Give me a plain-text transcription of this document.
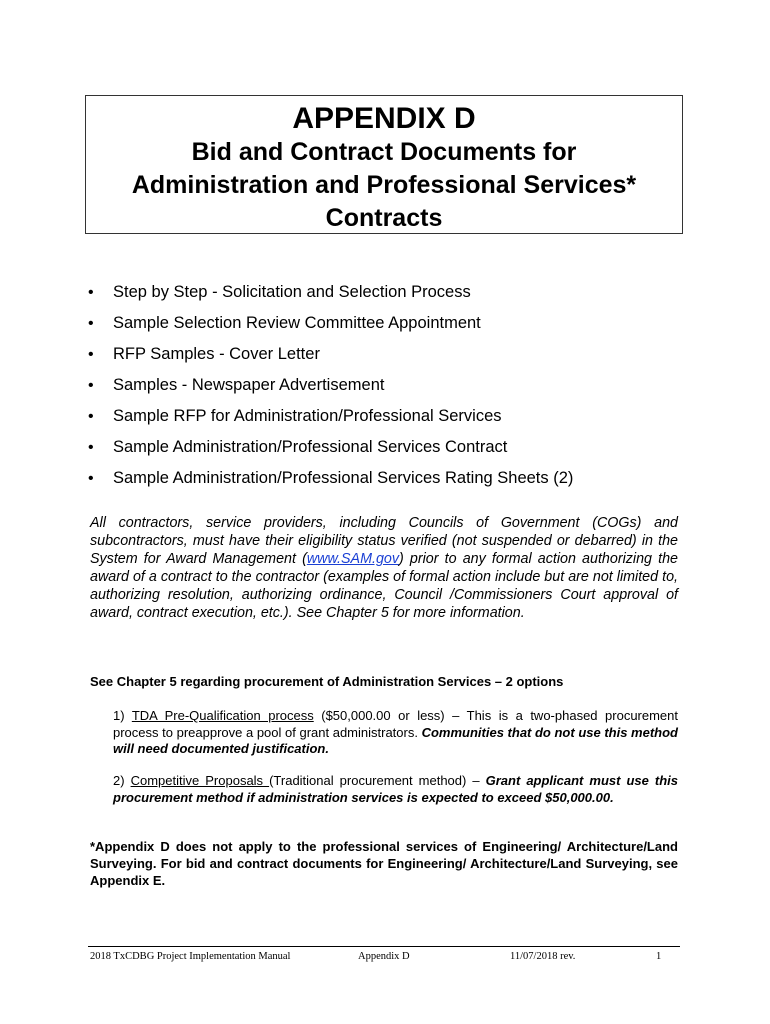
APPENDIX D
Bid and Contract Documents for
Administration and Professional Services*
Contracts
• Step by Step - Solicitation and Selection Process
• Sample Selection Review Committee Appointment
• RFP Samples - Cover Letter
• Samples - Newspaper Advertisement
• Sample RFP for Administration/Professional Services
• Sample Administration/Professional Services Contract
• Sample Administration/Professional Services Rating Sheets (2)
All contractors, service providers, including Councils of Government (COGs) and subcontractors, must have their eligibility status verified (not suspended or debarred) in the System for Award Management (www.SAM.gov) prior to any formal action authorizing the award of a contract to the contractor (examples of formal action include but are not limited to, authorizing resolution, authorizing ordinance, Council /Commissioners Court approval of award, contract execution, etc.). See Chapter 5 for more information.
See Chapter 5 regarding procurement of Administration Services – 2 options
1) TDA Pre-Qualification process ($50,000.00 or less) – This is a two-phased procurement process to preapprove a pool of grant administrators. Communities that do not use this method will need documented justification.
2) Competitive Proposals (Traditional procurement method) – Grant applicant must use this procurement method if administration services is expected to exceed $50,000.00.
*Appendix D does not apply to the professional services of Engineering/ Architecture/Land Surveying. For bid and contract documents for Engineering/ Architecture/Land Surveying, see Appendix E.
2018 TxCDBG Project Implementation Manual	Appendix D	11/07/2018 rev.	1
